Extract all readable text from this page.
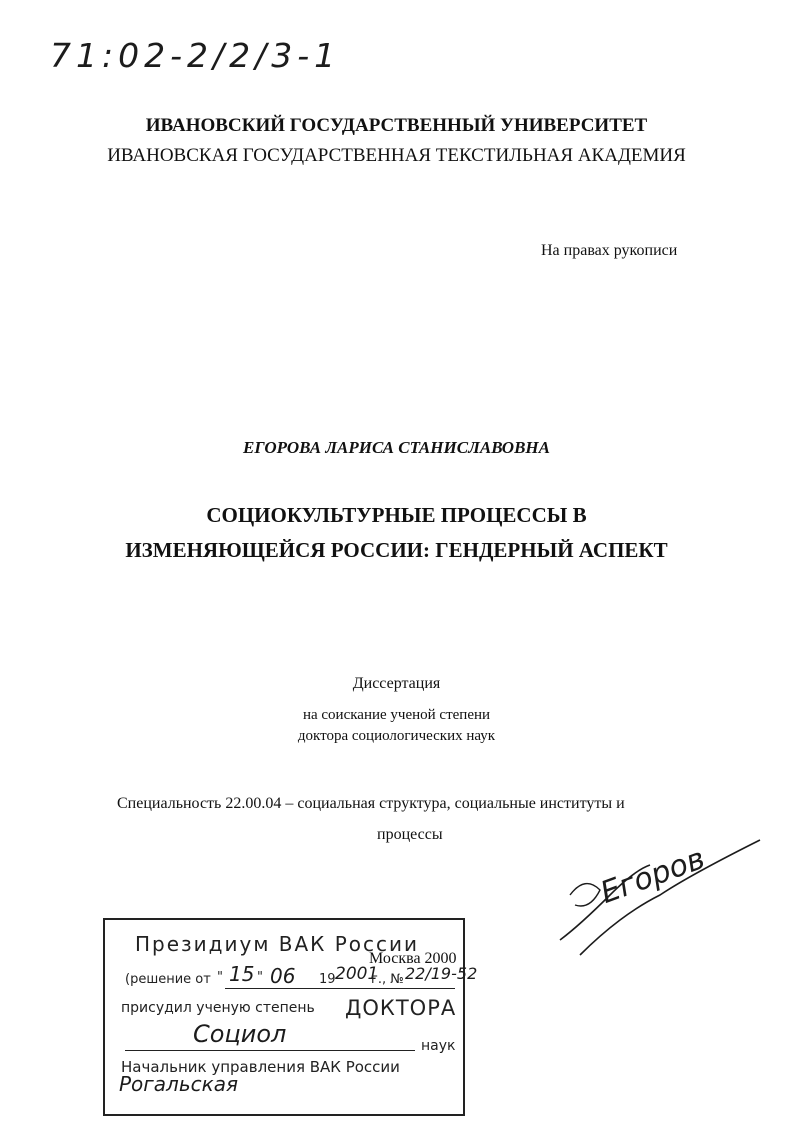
71:02-2/2/3-1
ИВАНОВСКИЙ ГОСУДАРСТВЕННЫЙ УНИВЕРСИТЕТ
ИВАНОВСКАЯ ГОСУДАРСТВЕННАЯ ТЕКСТИЛЬНАЯ АКАДЕМИЯ
На правах рукописи
ЕГОРОВА ЛАРИСА СТАНИСЛАВОВНА
СОЦИОКУЛЬТУРНЫЕ ПРОЦЕССЫ В
ИЗМЕНЯЮЩЕЙСЯ РОССИИ: ГЕНДЕРНЫЙ АСПЕКТ
Диссертация
на соискание ученой степени
доктора социологических наук
Специальность 22.00.04 – социальная структура, социальные институты и
процессы
Егоров
Москва 2000
Президиум ВАК России
(решение от " 15 " 06 19 2001
г., № 22/19-52
присудил ученую степень ДОКТОРА
Социол	наук
Начальник управления ВАК России
Рогальская
